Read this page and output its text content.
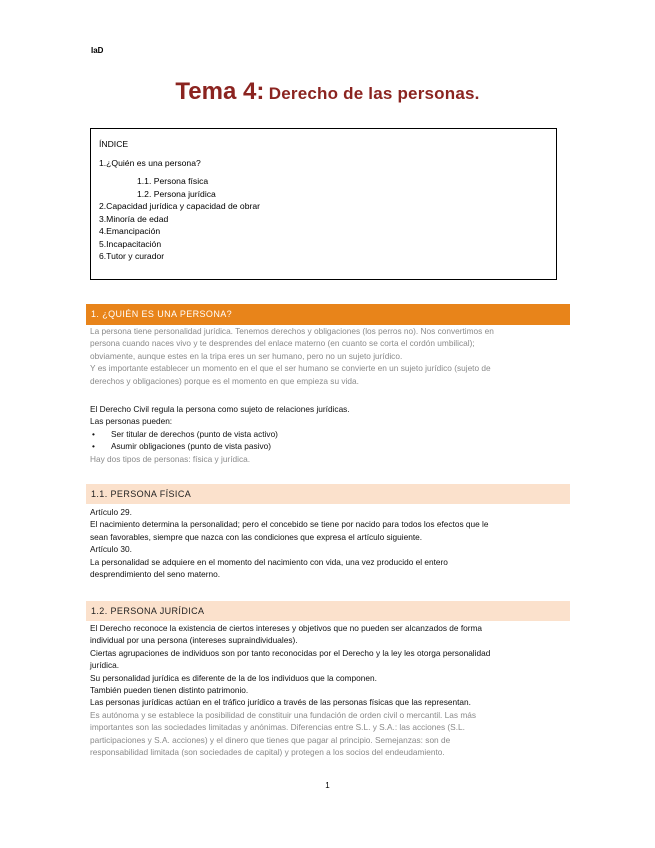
IaD
Tema 4: Derecho de las personas.
ÍNDICE
1.¿Quién es una persona?
1.1. Persona física
1.2. Persona jurídica
2.Capacidad jurídica y capacidad de obrar
3.Minoría de edad
4.Emancipación
5.Incapacitación
6.Tutor y curador
1. ¿QUIÉN ES UNA PERSONA?
La persona tiene personalidad jurídica. Tenemos derechos y obligaciones (los perros no). Nos convertimos en
persona cuando naces vivo y te desprendes del enlace materno (en cuanto se corta el cordón umbilical);
obviamente, aunque estes en la tripa eres un ser humano, pero no un sujeto jurídico.
Y es importante establecer un momento en el que el ser humano se convierte en un sujeto jurídico (sujeto de
derechos y obligaciones) porque es el momento en que empieza su vida.
El Derecho Civil regula la persona como sujeto de relaciones jurídicas.
Las personas pueden:
• Ser titular de derechos (punto de vista activo)
• Asumir obligaciones (punto de vista pasivo)
Hay dos tipos de personas: física y jurídica.
1.1. PERSONA FÍSICA
Artículo 29.
El nacimiento determina la personalidad; pero el concebido se tiene por nacido para todos los efectos que le
sean favorables, siempre que nazca con las condiciones que expresa el artículo siguiente.
Artículo 30.
La personalidad se adquiere en el momento del nacimiento con vida, una vez producido el entero
desprendimiento del seno materno.
1.2. PERSONA JURÍDICA
El Derecho reconoce la existencia de ciertos intereses y objetivos que no pueden ser alcanzados de forma
individual por una persona (intereses supraindividuales).
Ciertas agrupaciones de individuos son por tanto reconocidas por el Derecho y la ley les otorga personalidad
jurídica.
Su personalidad jurídica es diferente de la de los individuos que la componen.
También pueden tienen distinto patrimonio.
Las personas jurídicas actúan en el tráfico jurídico a través de las personas físicas que las representan.
Es autónoma y se establece la posibilidad de constituir una fundación de orden civil o mercantil. Las más
importantes son las sociedades limitadas y anónimas. Diferencias entre S.L. y S.A.: las acciones (S.L.
participaciones y S.A. acciones) y el dinero que tienes que pagar al principio. Semejanzas: son de
responsabilidad limitada (son sociedades de capital) y protegen a los socios del endeudamiento.
1
